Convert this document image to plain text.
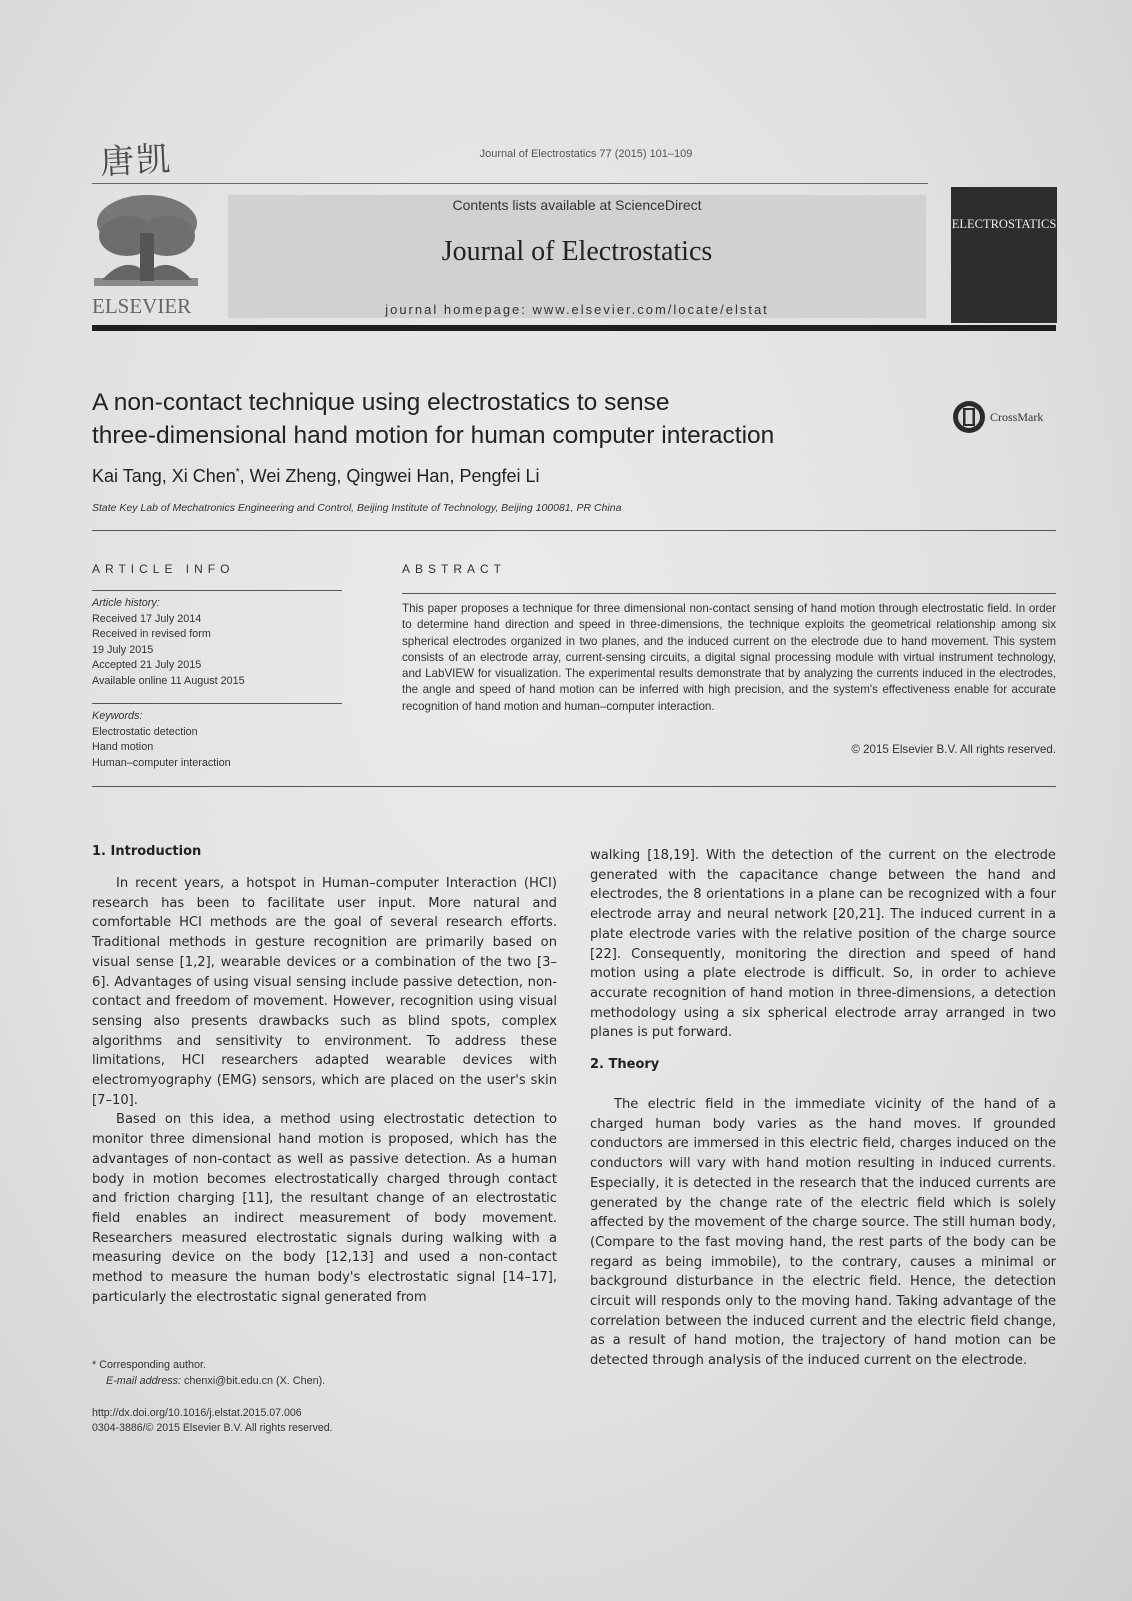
唐凯	Journal of Electrostatics 77 (2015) 101–109
ELSEVIER
Contents lists available at ScienceDirect
Journal of Electrostatics
journal homepage: www.elsevier.com/locate/elstat
ELECTROSTATICS
A non-contact technique using electrostatics to sense
three-dimensional hand motion for human computer interaction
CrossMark
Kai Tang, Xi Chen*, Wei Zheng, Qingwei Han, Pengfei Li
State Key Lab of Mechatronics Engineering and Control, Beijing Institute of Technology, Beijing 100081, PR China
ARTICLE INFO	ABSTRACT
Article history:
Received 17 July 2014
Received in revised form
19 July 2015
Accepted 21 July 2015
Available online 11 August 2015
Keywords:
Electrostatic detection
Hand motion
Human–computer interaction
This paper proposes a technique for three dimensional non-contact sensing of hand motion through electrostatic field. In order to determine hand direction and speed in three-dimensions, the technique exploits the geometrical relationship among six spherical electrodes organized in two planes, and the induced current on the electrode due to hand movement. This system consists of an electrode array, current-sensing circuits, a digital signal processing module with virtual instrument technology, and LabVIEW for visualization. The experimental results demonstrate that by analyzing the currents induced in the electrodes, the angle and speed of hand motion can be inferred with high precision, and the system's effectiveness enable for accurate recognition of hand motion and human–computer interaction.
© 2015 Elsevier B.V. All rights reserved.
1. Introduction

In recent years, a hotspot in Human–computer Interaction (HCI) research has been to facilitate user input. More natural and comfortable HCI methods are the goal of several research efforts. Traditional methods in gesture recognition are primarily based on visual sense [1,2], wearable devices or a combination of the two [3–6]. Advantages of using visual sensing include passive detection, non-contact and freedom of movement. However, recognition using visual sensing also presents drawbacks such as blind spots, complex algorithms and sensitivity to environment. To address these limitations, HCI researchers adapted wearable devices with electromyography (EMG) sensors, which are placed on the user's skin [7–10].

Based on this idea, a method using electrostatic detection to monitor three dimensional hand motion is proposed, which has the advantages of non-contact as well as passive detection. As a human body in motion becomes electrostatically charged through contact and friction charging [11], the resultant change of an electrostatic field enables an indirect measurement of body movement. Researchers measured electrostatic signals during walking with a measuring device on the body [12,13] and used a non-contact method to measure the human body's electrostatic signal [14–17], particularly the electrostatic signal generated from

walking [18,19]. With the detection of the current on the electrode generated with the capacitance change between the hand and electrodes, the 8 orientations in a plane can be recognized with a four electrode array and neural network [20,21]. The induced current in a plate electrode varies with the relative position of the charge source [22]. Consequently, monitoring the direction and speed of hand motion using a plate electrode is difficult. So, in order to achieve accurate recognition of hand motion in three-dimensions, a detection methodology using a six spherical electrode array arranged in two planes is put forward.

2. Theory

The electric field in the immediate vicinity of the hand of a charged human body varies as the hand moves. If grounded conductors are immersed in this electric field, charges induced on the conductors will vary with hand motion resulting in induced currents. Especially, it is detected in the research that the induced currents are generated by the change rate of the electric field which is solely affected by the movement of the charge source. The still human body, (Compare to the fast moving hand, the rest parts of the body can be regard as being immobile), to the contrary, causes a minimal or background disturbance in the electric field. Hence, the detection circuit will responds only to the moving hand. Taking advantage of the correlation between the induced current and the electric field change, as a result of hand motion, the trajectory of hand motion can be detected through analysis of the induced current on the electrode.

* Corresponding author.
E-mail address: chenxi@bit.edu.cn (X. Chen).
http://dx.doi.org/10.1016/j.elstat.2015.07.006
0304-3886/© 2015 Elsevier B.V. All rights reserved.
